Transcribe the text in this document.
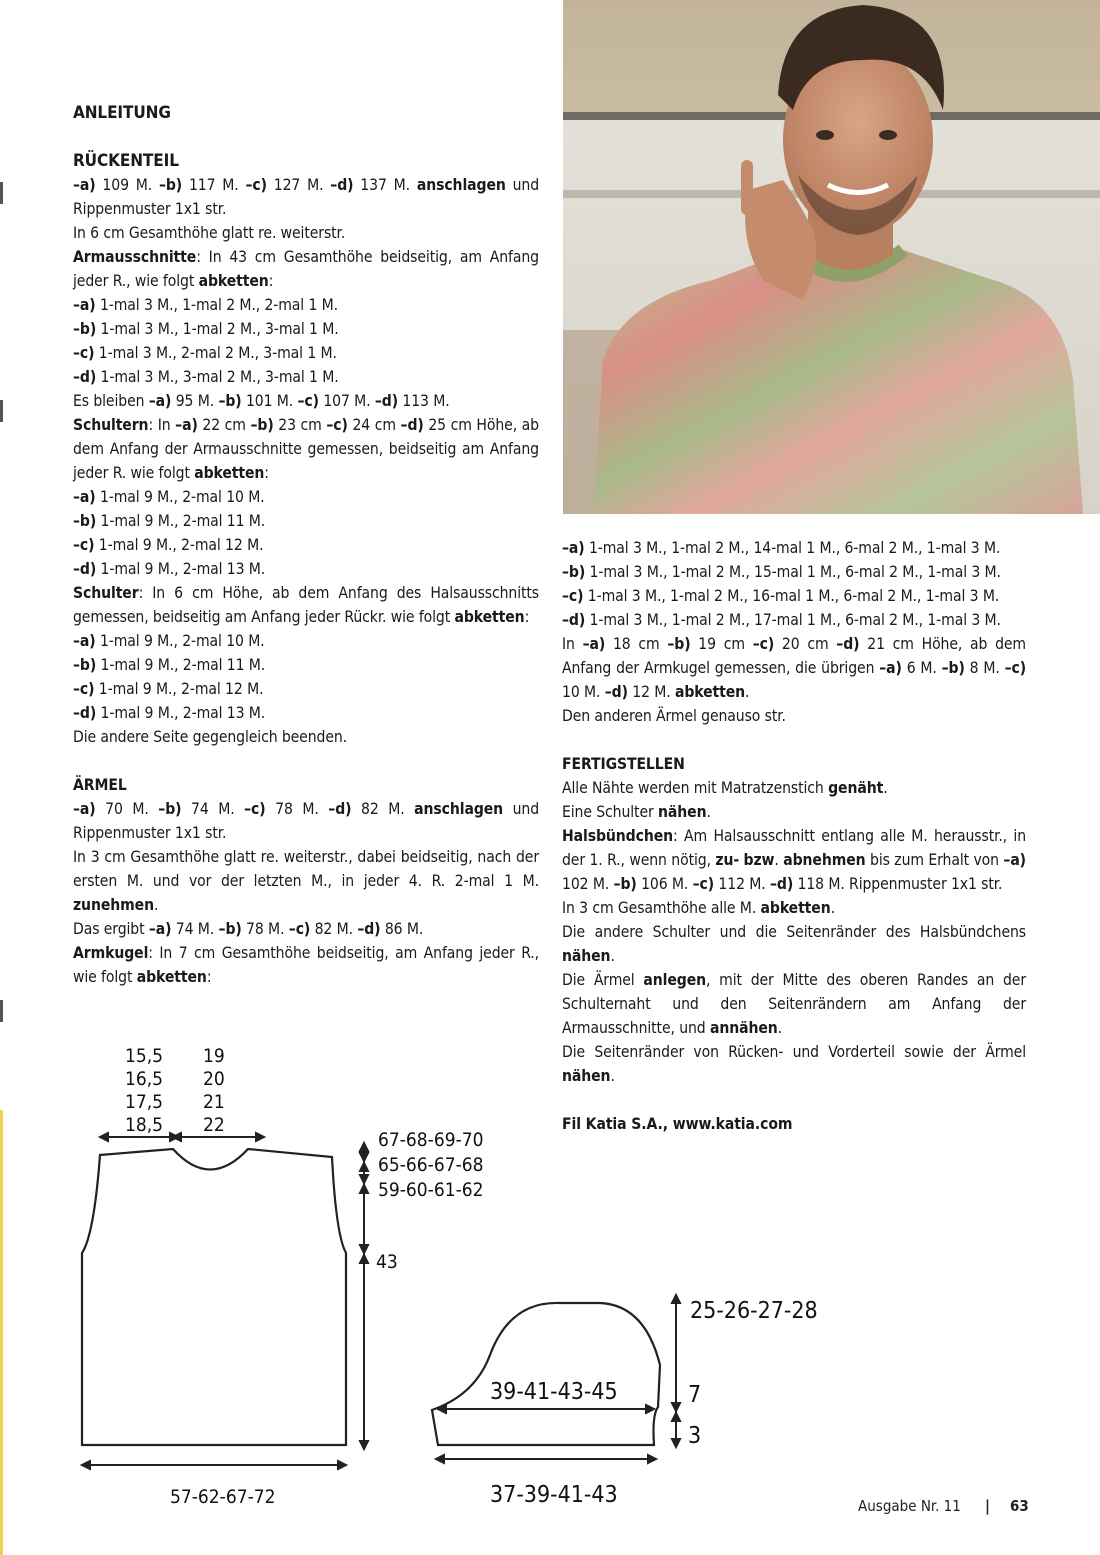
ANLEITUNG
RÜCKENTEIL

–a) 109 M. –b) 117 M. –c) 127 M. –d) 137 M. anschlagen und Rippenmuster 1x1 str.

In 6 cm Gesamthöhe glatt re. weiterstr.

Armausschnitte: In 43 cm Gesamthöhe beidseitig, am Anfang jeder R., wie folgt abketten:

–a) 1-mal 3 M., 1-mal 2 M., 2-mal 1 M.

–b) 1-mal 3 M., 1-mal 2 M., 3-mal 1 M.

–c) 1-mal 3 M., 2-mal 2 M., 3-mal 1 M.

–d) 1-mal 3 M., 3-mal 2 M., 3-mal 1 M.

Es bleiben –a) 95 M. –b) 101 M. –c) 107 M. –d) 113 M.

Schultern: In –a) 22 cm –b) 23 cm –c) 24 cm –d) 25 cm Höhe, ab dem Anfang der Armausschnitte gemessen, beidseitig am Anfang jeder R. wie folgt abketten:

–a) 1-mal 9 M., 2-mal 10 M.

–b) 1-mal 9 M., 2-mal 11 M.

–c) 1-mal 9 M., 2-mal 12 M.

–d) 1-mal 9 M., 2-mal 13 M.

Schulter: In 6 cm Höhe, ab dem Anfang des Halsausschnitts gemessen, beidseitig am Anfang jeder Rückr. wie folgt abketten:

–a) 1-mal 9 M., 2-mal 10 M.

–b) 1-mal 9 M., 2-mal 11 M.

–c) 1-mal 9 M., 2-mal 12 M.

–d) 1-mal 9 M., 2-mal 13 M.

Die andere Seite gegengleich beenden.

ÄRMEL

–a) 70 M. –b) 74 M. –c) 78 M. –d) 82 M. anschlagen und Rippenmuster 1x1 str.

In 3 cm Gesamthöhe glatt re. weiterstr., dabei beidseitig, nach der ersten M. und vor der letzten M., in jeder 4. R. 2-mal 1 M. zunehmen.

Das ergibt –a) 74 M. –b) 78 M. –c) 82 M. –d) 86 M.

Armkugel: In 7 cm Gesamthöhe beidseitig, am Anfang jeder R., wie folgt abketten:

–a) 1-mal 3 M., 1-mal 2 M., 14-mal 1 M., 6-mal 2 M., 1-mal 3 M.

–b) 1-mal 3 M., 1-mal 2 M., 15-mal 1 M., 6-mal 2 M., 1-mal 3 M.

–c) 1-mal 3 M., 1-mal 2 M., 16-mal 1 M., 6-mal 2 M., 1-mal 3 M.

–d) 1-mal 3 M., 1-mal 2 M., 17-mal 1 M., 6-mal 2 M., 1-mal 3 M.

In –a) 18 cm –b) 19 cm –c) 20 cm –d) 21 cm Höhe, ab dem Anfang der Armkugel gemessen, die übrigen –a) 6 M. –b) 8 M. –c) 10 M. –d) 12 M. abketten.

Den anderen Ärmel genauso str.

FERTIGSTELLEN

Alle Nähte werden mit Matratzenstich genäht.

Eine Schulter nähen.

Halsbündchen: Am Halsausschnitt entlang alle M. herausstr., in der 1. R., wenn nötig, zu- bzw. abnehmen bis zum Erhalt von –a) 102 M. –b) 106 M. –c) 112 M. –d) 118 M. Rippenmuster 1x1 str.

In 3 cm Gesamthöhe alle M. abketten.

Die andere Schulter und die Seitenränder des Halsbündchens nähen.

Die Ärmel anlegen, mit der Mitte des oberen Randes an der Schulternaht und den Seitenrändern am Anfang der Armausschnitte, und annähen.

Die Seitenränder von Rücken- und Vorderteil sowie der Ärmel nähen.

Fil Katia S.A., www.katia.com

15,5
16,5
17,5
18,5
19
20
21
22
67-68-69-70
65-66-67-68
59-60-61-62
43
57-62-67-72
25-26-27-28
39-41-43-45	7
3
37-39-41-43	Ausgabe Nr. 11 | 63
